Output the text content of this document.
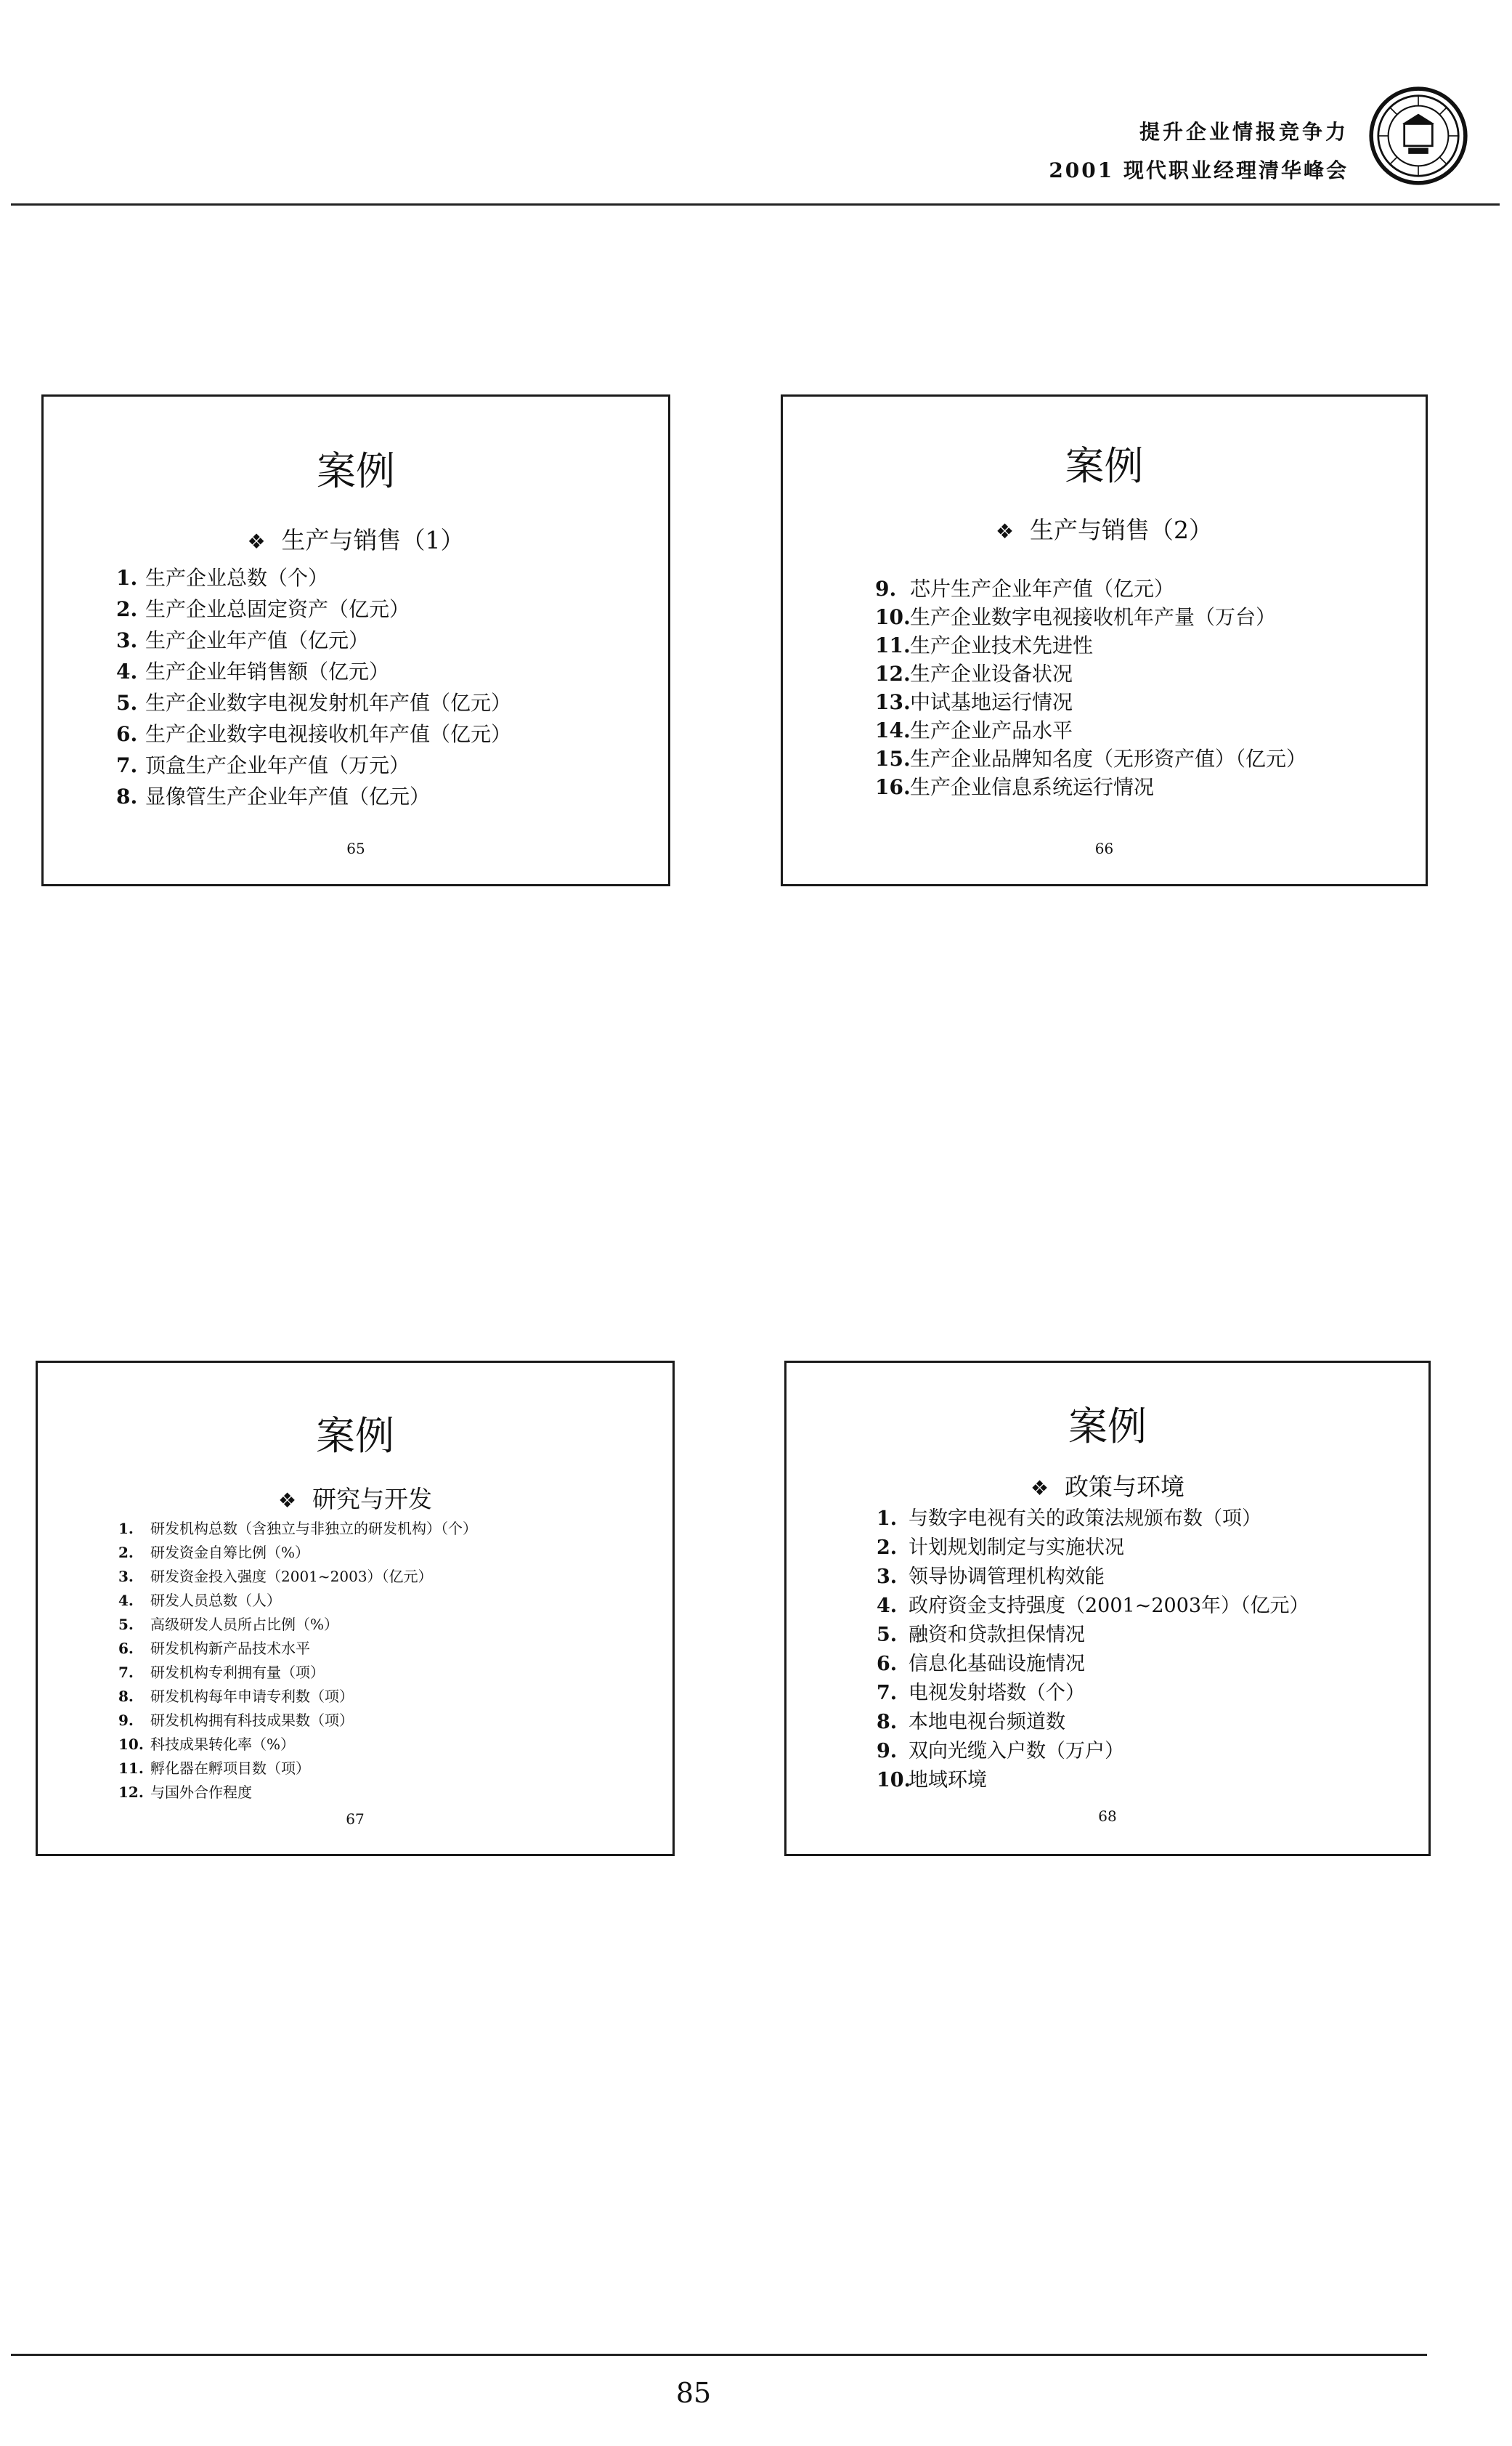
提升企业情报竞争力
2001 现代职业经理清华峰会
案例
❖ 生产与销售（1）
1. 生产企业总数（个）
2. 生产企业总固定资产（亿元）
3. 生产企业年产值（亿元）
4. 生产企业年销售额（亿元）
5. 生产企业数字电视发射机年产值（亿元）
6. 生产企业数字电视接收机年产值（亿元）
7. 顶盒生产企业年产值（万元）
8. 显像管生产企业年产值（亿元）
65
案例
❖ 生产与销售（2）
9. 芯片生产企业年产值（亿元）
10.生产企业数字电视接收机年产量（万台）
11.生产企业技术先进性
12.生产企业设备状况
13.中试基地运行情况
14.生产企业产品水平
15.生产企业品牌知名度（无形资产值）（亿元）
16.生产企业信息系统运行情况
66
案例
❖ 研究与开发
1. 研发机构总数（含独立与非独立的研发机构）（个）
2. 研发资金自筹比例（%）
3. 研发资金投入强度（2001~2003）（亿元）
4. 研发人员总数（人）
5. 高级研发人员所占比例（%）
6. 研发机构新产品技术水平
7. 研发机构专利拥有量（项）
8. 研发机构每年申请专利数（项）
9. 研发机构拥有科技成果数（项）
10. 科技成果转化率（%）
11. 孵化器在孵项目数（项）
12. 与国外合作程度
67
案例
❖ 政策与环境
1. 与数字电视有关的政策法规颁布数（项）
2. 计划规划制定与实施状况
3. 领导协调管理机构效能
4. 政府资金支持强度（2001~2003年）（亿元）
5. 融资和贷款担保情况
6. 信息化基础设施情况
7. 电视发射塔数（个）
8. 本地电视台频道数
9. 双向光缆入户数（万户）
10.地域环境
68
85
